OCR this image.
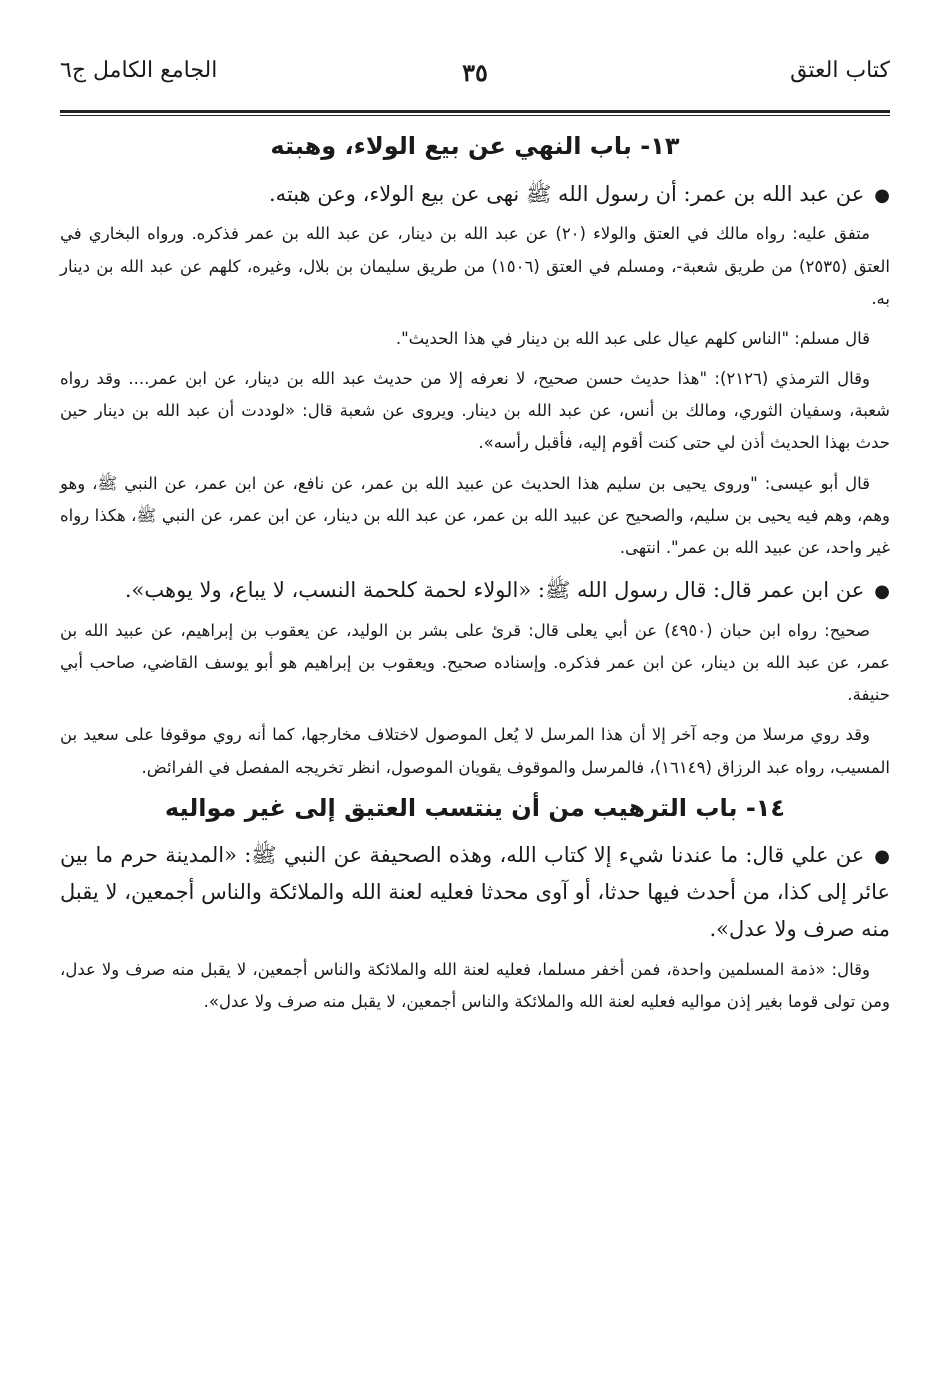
كتاب العتق
٣٥
الجامع الكامل ج٦
١٣- باب النهي عن بيع الولاء، وهبته

●عن عبد الله بن عمر: أن رسول الله ﷺ نهى عن بيع الولاء، وعن هبته.

متفق عليه: رواه مالك في العتق والولاء (٢٠) عن عبد الله بن دينار، عن عبد الله بن عمر فذكره. ورواه البخاري في العتق (٢٥٣٥) من طريق شعبة-، ومسلم في العتق (١٥٠٦) من طريق سليمان بن بلال، وغيره، كلهم عن عبد الله بن دينار به.

قال مسلم: "الناس كلهم عيال على عبد الله بن دينار في هذا الحديث".

وقال الترمذي (٢١٢٦): "هذا حديث حسن صحيح، لا نعرفه إلا من حديث عبد الله بن دينار، عن ابن عمر.... وقد رواه شعبة، وسفيان الثوري، ومالك بن أنس، عن عبد الله بن دينار. ويروى عن شعبة قال: «لوددت أن عبد الله بن دينار حين حدث بهذا الحديث أذن لي حتى كنت أقوم إليه، فأقبل رأسه».

قال أبو عيسى: "وروى يحيى بن سليم هذا الحديث عن عبيد الله بن عمر، عن نافع، عن ابن عمر، عن النبي ﷺ، وهو وهم، وهم فيه يحيى بن سليم، والصحيح عن عبيد الله بن عمر، عن عبد الله بن دينار، عن ابن عمر، عن النبي ﷺ، هكذا رواه غير واحد، عن عبيد الله بن عمر". انتهى.

●عن ابن عمر قال: قال رسول الله ﷺ: «الولاء لحمة كلحمة النسب، لا يباع، ولا يوهب».

صحيح: رواه ابن حبان (٤٩٥٠) عن أبي يعلى قال: قرئ على بشر بن الوليد، عن يعقوب بن إبراهيم، عن عبيد الله بن عمر، عن عبد الله بن دينار، عن ابن عمر فذكره. وإسناده صحيح. ويعقوب بن إبراهيم هو أبو يوسف القاضي، صاحب أبي حنيفة.

وقد روي مرسلا من وجه آخر إلا أن هذا المرسل لا يُعل الموصول لاختلاف مخارجها، كما أنه روي موقوفا على سعيد بن المسيب، رواه عبد الرزاق (١٦١٤٩)، فالمرسل والموقوف يقويان الموصول، انظر تخريجه المفصل في الفرائض.

١٤- باب الترهيب من أن ينتسب العتيق إلى غير مواليه

●عن علي قال: ما عندنا شيء إلا كتاب الله، وهذه الصحيفة عن النبي ﷺ: «المدينة حرم ما بين عائر إلى كذا، من أحدث فيها حدثا، أو آوى محدثا فعليه لعنة الله والملائكة والناس أجمعين، لا يقبل منه صرف ولا عدل».

وقال: «ذمة المسلمين واحدة، فمن أخفر مسلما، فعليه لعنة الله والملائكة والناس أجمعين، لا يقبل منه صرف ولا عدل، ومن تولى قوما بغير إذن مواليه فعليه لعنة الله والملائكة والناس أجمعين، لا يقبل منه صرف ولا عدل».
